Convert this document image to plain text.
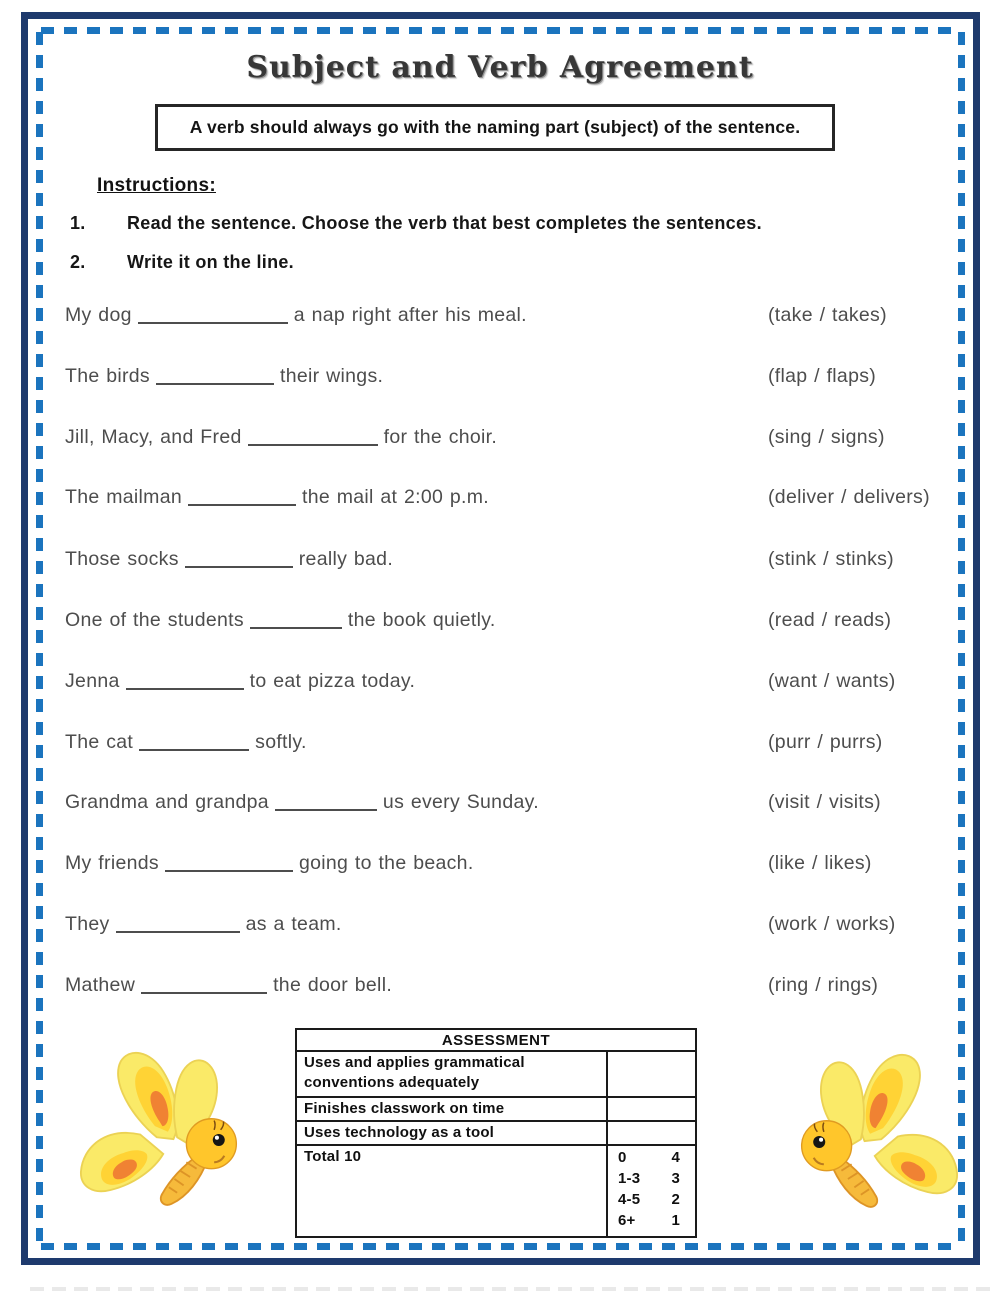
Subject and Verb Agreement
A verb should always go with the naming part (subject) of the sentence.
Instructions:
1. Read the sentence. Choose the verb that best completes the sentences.
2. Write it on the line.
My dog	a nap right after his meal.	(take / takes)
The birds	their wings.	(flap / flaps)
Jill, Macy, and Fred	for the choir.	(sing / signs)
The mailman	the mail at 2:00 p.m.	(deliver / delivers)
Those socks	really bad.	(stink / stinks)
One of the students	the book quietly.	(read / reads)
Jenna	to eat pizza today.	(want / wants)
The cat	softly.	(purr / purrs)
Grandma and grandpa	us every Sunday.	(visit / visits)
My friends	going to the beach.	(like / likes)
They	as a team.	(work / works)
Mathew	the door bell.	(ring / rings)
ASSESSMENT
Uses and applies grammatical conventions adequately
Finishes classwork on time
Uses technology as a tool
Total 10	0	4
1-3 3
4-5 2
6+ 1
